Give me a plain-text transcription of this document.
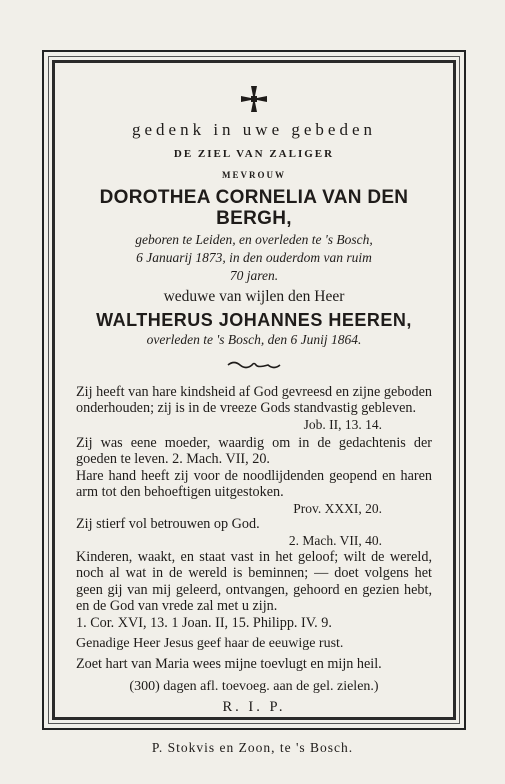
gedenk in uwe gebeden

DE ZIEL VAN ZALIGER

MEVROUW

DOROTHEA CORNELIA VAN DEN BERGH,

geboren te Leiden, en overleden te 's Bosch,

6 Januarij 1873, in den ouderdom van ruim

70 jaren.

weduwe van wijlen den Heer

WALTHERUS JOHANNES HEEREN,

overleden te 's Bosch, den 6 Junij 1864.

Zij heeft van hare kindsheid af God gevreesd en zijne geboden onderhouden; zij is in de vreeze Gods standvastig gebleven.

Job. II, 13. 14.

Zij was eene moeder, waardig om in de gedachtenis der goeden te leven. 2. Mach. VII, 20.

Hare hand heeft zij voor de noodlijdenden geopend en haren arm tot den behoeftigen uitgestoken.

Prov. XXXI, 20.

Zij stierf vol betrouwen op God.

2. Mach. VII, 40.

Kinderen, waakt, en staat vast in het geloof; wilt de wereld, noch al wat in de wereld is beminnen; — doet volgens het geen gij van mij geleerd, ontvangen, gehoord en gezien hebt, en de God van vrede zal met u zijn.

1. Cor. XVI, 13. 1 Joan. II, 15. Philipp. IV. 9.

Genadige Heer Jesus geef haar de eeuwige rust.

Zoet hart van Maria wees mijne toevlugt en mijn heil.

(300) dagen afl. toevoeg. aan de gel. zielen.)

R. I. P.

P. Stokvis en Zoon, te 's Bosch.
